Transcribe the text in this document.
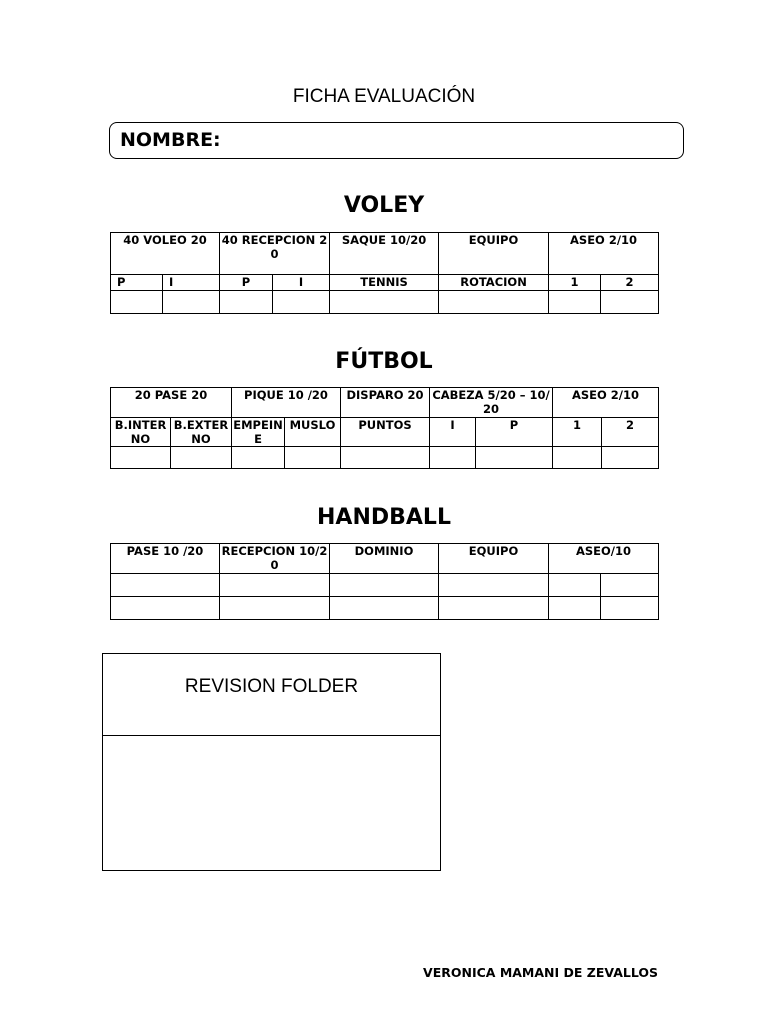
FICHA EVALUACIÓN
NOMBRE:
VOLEY
40 VOLEO 20		40 RECEPCION 20		SAQUE 10/20	EQUIPO	ASEO 2/10	
P	I	P	I	TENNIS	ROTACION	1	2

FÚTBOL
20 PASE 20		PIQUE 10 /20		DISPARO 20	CABEZA 5/20 – 10/20		ASEO 2/10	
B.INTERNO	B.EXTERNO	EMPEINE	MUSLO	PUNTOS	I	P	1	2

HANDBALL
PASE 10 /20	RECEPCION 10/20	DOMINIO	EQUIPO	ASEO/10	

REVISION FOLDER
VERONICA MAMANI DE ZEVALLOS
